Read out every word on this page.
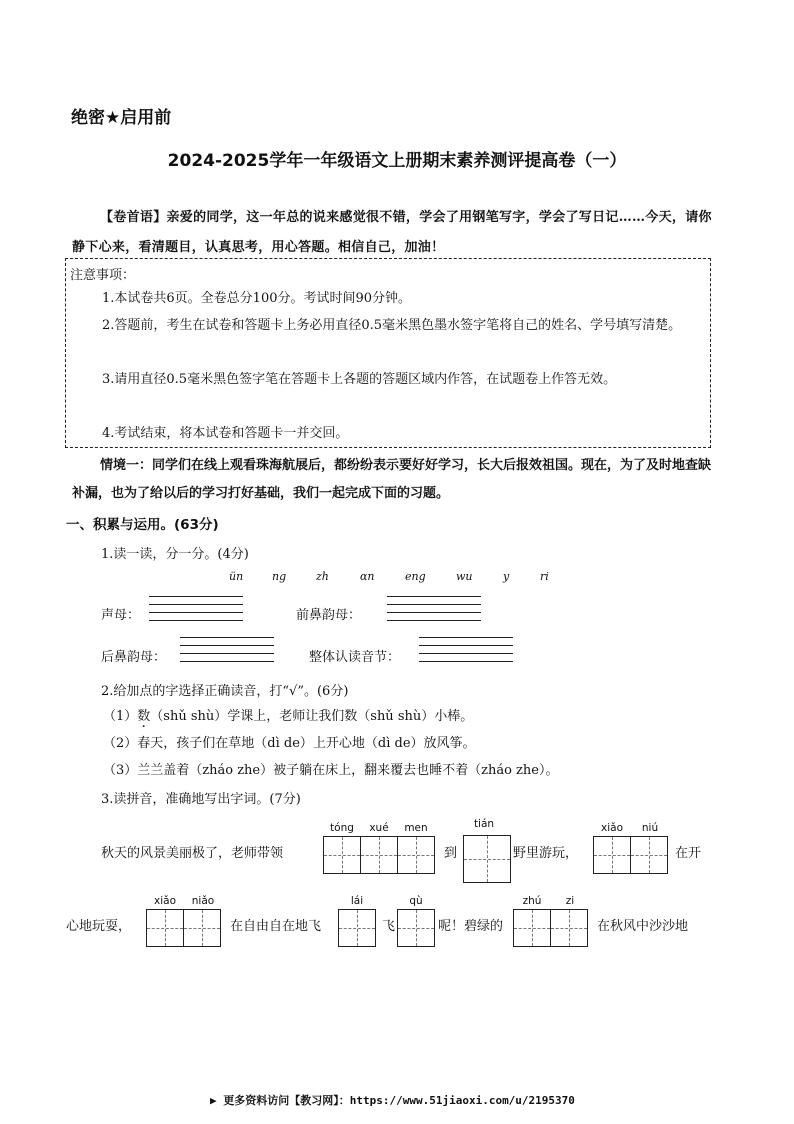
绝密★启用前
2024-2025学年一年级语文上册期末素养测评提高卷（一）
【卷首语】亲爱的同学，这一年总的说来感觉很不错，学会了用钢笔写字，学会了写日记……今天，请你静下心来，看清题目，认真思考，用心答题。相信自己，加油！
注意事项：
1.本试卷共6页。全卷总分100分。考试时间90分钟。
2.答题前，考生在试卷和答题卡上务必用直径0.5毫米黑色墨水签字笔将自己的姓名、学号填写清楚。
3.请用直径0.5毫米黑色签字笔在答题卡上各题的答题区域内作答，在试题卷上作答无效。
4.考试结束，将本试卷和答题卡一并交回。
情境一：同学们在线上观看珠海航展后，都纷纷表示要好好学习，长大后报效祖国。现在，为了及时地查缺补漏，也为了给以后的学习打好基础，我们一起完成下面的习题。
一、积累与运用。(63分)
1.读一读，分一分。(4分)
ün	ng	zh	ɑn	eng	wu	y	ri
声母：	前鼻韵母：
后鼻韵母：	整体认读音节：
2.给加点的字选择正确读音，打“√”。(6分)
（1）数（shǔ shù）学课上，老师让我们数（shǔ shù）小棒。
（2）春天，孩子们在草地（dì de）上开心地（dì de）放风筝。
（3）兰兰盖着（zháo zhe）被子躺在床上，翻来覆去也睡不着（zháo zhe）。
3.读拼音，准确地写出字词。(7分)
秋天的风景美丽极了，老师带领
tóng	xué	men
到
tián
野里游玩，
xiǎo	niú
在开
心地玩耍，
xiǎo	niǎo
在自由自在地飞
lái
飞
qù
呢！碧绿的
zhú	zi
在秋风中沙沙地
▶ 更多资料访问【教习网】：https://www.51jiaoxi.com/u/2195370
